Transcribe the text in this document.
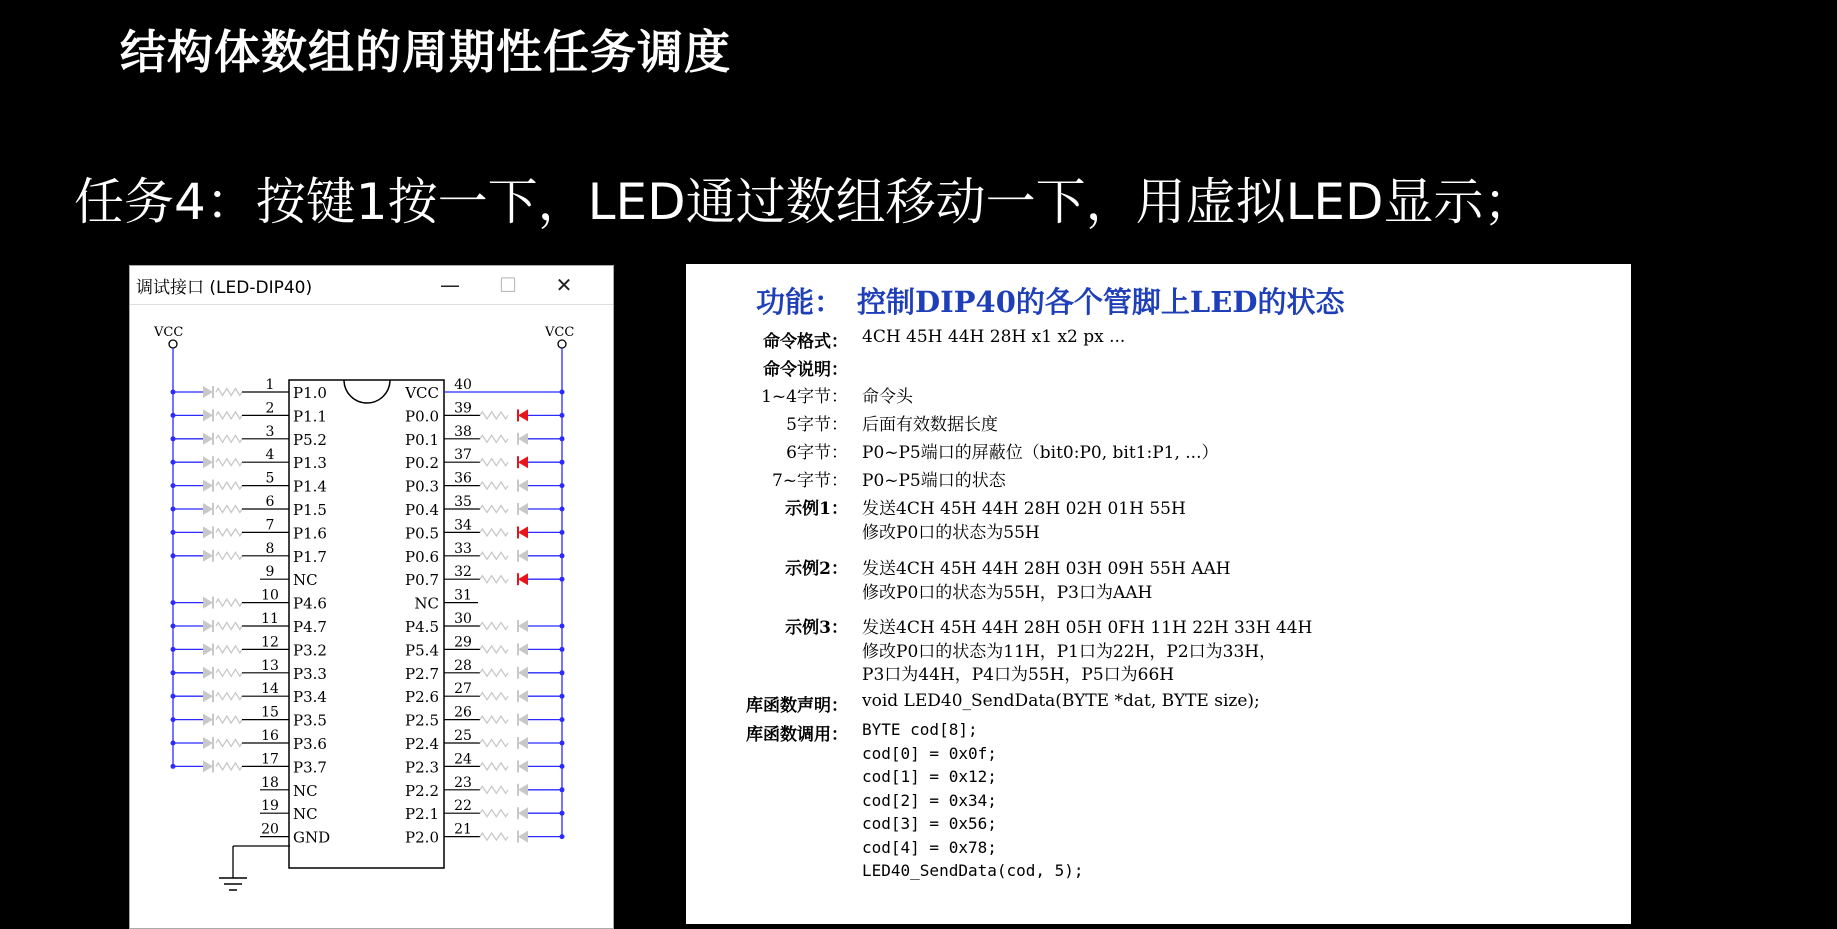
结构体数组的周期性任务调度
任务4：按键1按一下，LED通过数组移动一下，用虚拟LED显示；
调试接口 (LED-DIP40)	—	☐	✕
VCC	VCC
1 P1.0
2 P1.1
3 P5.2
4 P1.3
5 P1.4
6 P1.5
7 P1.6
8 P1.7
9 NC
10 P4.6
11 P4.7
12 P3.2
13 P3.3
14 P3.4
15 P3.5
16 P3.6
17 P3.7
18 NC
19 NC
20 GND
40
VCC
39
P0.0
38
P0.1
37
P0.2
36
P0.3
35
P0.4
34
P0.5
33
P0.6
32
P0.7
31
NC
30
P4.5
29
P5.4
28
P2.7
27
P2.6
26
P2.5
25
P2.4
24
P2.3
23
P2.2
22
P2.1
21
P2.0
功能： 控制DIP40的各个管脚上LED的状态
命令格式： 4CH 45H 44H 28H x1 x2 px ...
命令说明：
1~4字节： 命令头
5字节： 后面有效数据长度
6字节： P0~P5端口的屏蔽位（bit0:P0, bit1:P1, ...）
7~字节： P0~P5端口的状态
示例1： 发送4CH 45H 44H 28H 02H 01H 55H
修改P0口的状态为55H
示例2： 发送4CH 45H 44H 28H 03H 09H 55H AAH
修改P0口的状态为55H，P3口为AAH
示例3： 发送4CH 45H 44H 28H 05H 0FH 11H 22H 33H 44H
修改P0口的状态为11H，P1口为22H，P2口为33H，
P3口为44H，P4口为55H，P5口为66H
库函数声明： void LED40_SendData(BYTE *dat, BYTE size);
库函数调用： BYTE cod[8];
cod[0] = 0x0f;
cod[1] = 0x12;
cod[2] = 0x34;
cod[3] = 0x56;
cod[4] = 0x78;
LED40_SendData(cod, 5);
